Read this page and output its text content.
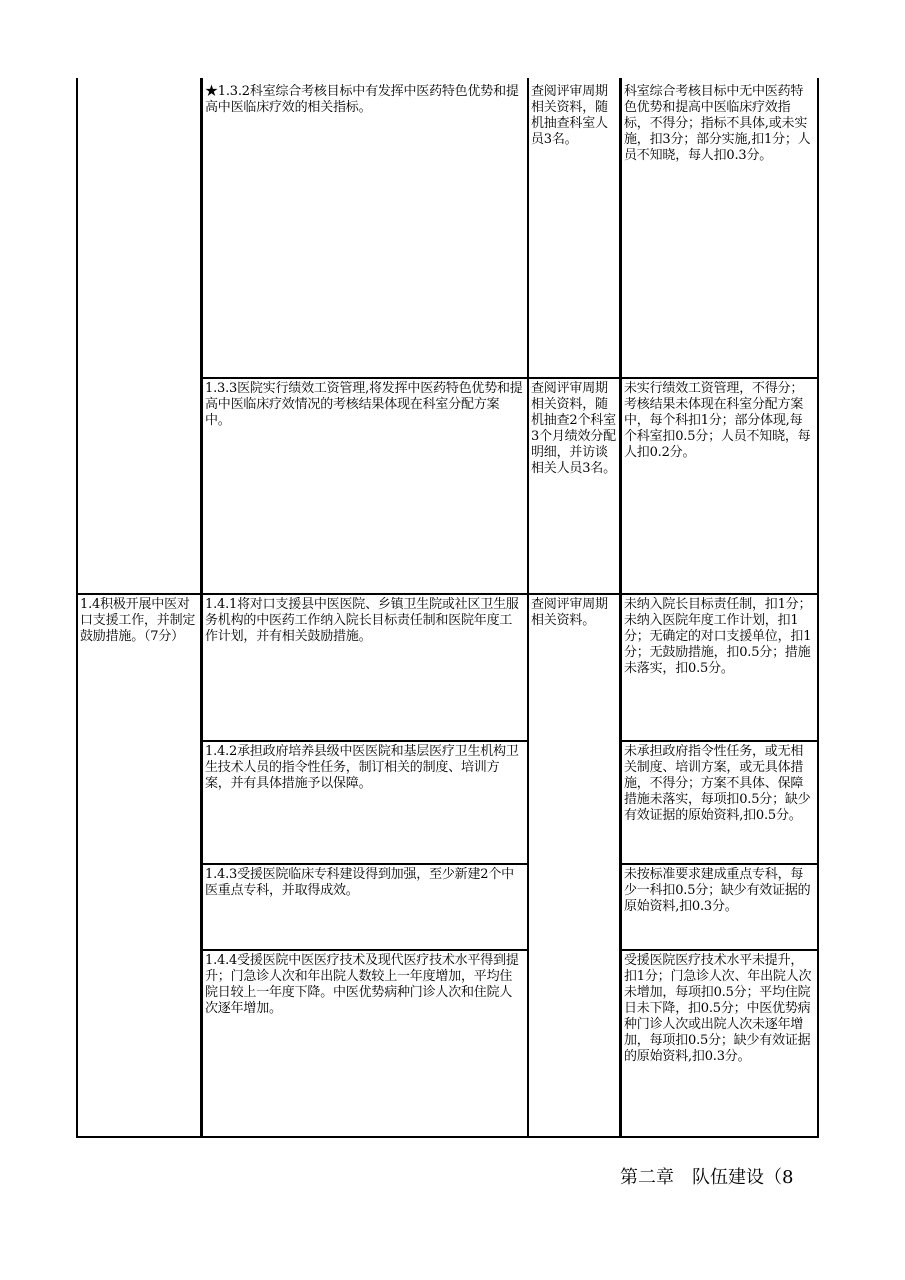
★1.3.2科室综合考核目标中有发挥中医药特色优势和提高中医临床疗效的相关指标。
查阅评审周期相关资料，随机抽查科室人员3名。
科室综合考核目标中无中医药特色优势和提高中医临床疗效指标，不得分；指标不具体,或未实施，扣3分；部分实施,扣1分；人员不知晓，每人扣0.3分。
1.3.3医院实行绩效工资管理,将发挥中医药特色优势和提高中医临床疗效情况的考核结果体现在科室分配方案中。
查阅评审周期相关资料，随机抽查2个科室3个月绩效分配明细，并访谈相关人员3名。
未实行绩效工资管理，不得分；考核结果未体现在科室分配方案中，每个科扣1分；部分体现,每个科室扣0.5分；人员不知晓，每人扣0.2分。
1.4积极开展中医对口支援工作，并制定鼓励措施。（7分）
1.4.1将对口支援县中医医院、乡镇卫生院或社区卫生服务机构的中医药工作纳入院长目标责任制和医院年度工作计划，并有相关鼓励措施。
查阅评审周期相关资料。
未纳入院长目标责任制，扣1分；未纳入医院年度工作计划，扣1分；无确定的对口支援单位，扣1分；无鼓励措施，扣0.5分；措施未落实，扣0.5分。
1.4.2承担政府培养县级中医医院和基层医疗卫生机构卫生技术人员的指令性任务，制订相关的制度、培训方案，并有具体措施予以保障。
未承担政府指令性任务，或无相关制度、培训方案，或无具体措施，不得分；方案不具体、保障措施未落实，每项扣0.5分；缺少有效证据的原始资料,扣0.5分。
1.4.3受援医院临床专科建设得到加强，至少新建2个中医重点专科，并取得成效。
未按标准要求建成重点专科，每少一科扣0.5分；缺少有效证据的原始资料,扣0.3分。
1.4.4受援医院中医医疗技术及现代医疗技术水平得到提升；门急诊人次和年出院人数较上一年度增加，平均住院日较上一年度下降。中医优势病种门诊人次和住院人次逐年增加。
受援医院医疗技术水平未提升，扣1分；门急诊人次、年出院人次未增加，每项扣0.5分；平均住院日未下降，扣0.5分；中医优势病种门诊人次或出院人次未逐年增加，每项扣0.5分；缺少有效证据的原始资料,扣0.3分。
第二章　队伍建设（8
